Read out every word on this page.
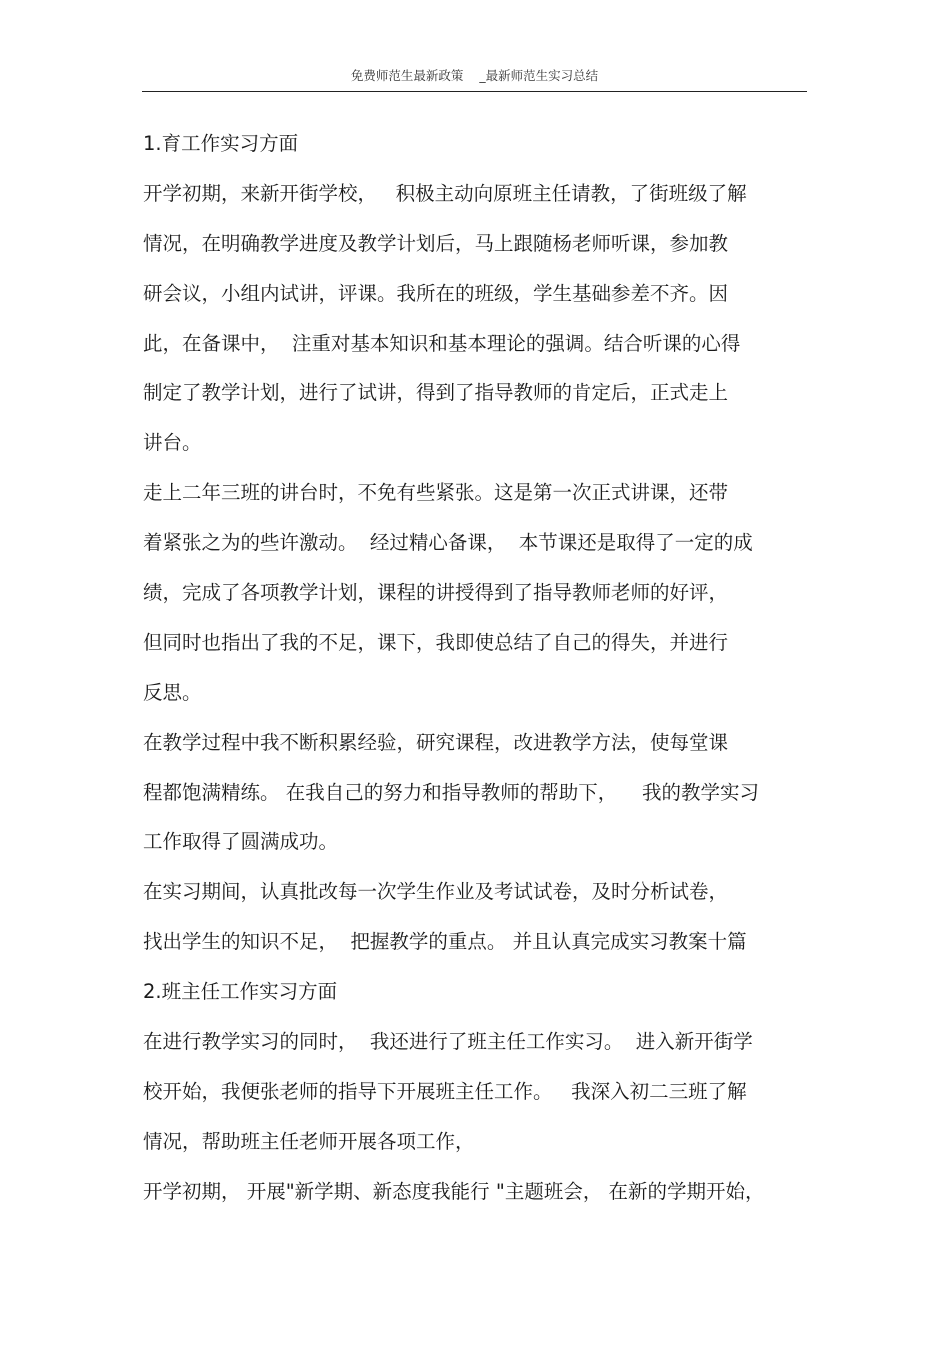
免费师范生最新政策    _最新师范生实习总结
1.育工作实习方面
开学初期，来新开街学校，   积极主动向原班主任请教，了街班级了解
情况，在明确教学进度及教学计划后，马上跟随杨老师听课，参加教
研会议，小组内试讲，评课。我所在的班级，学生基础参差不齐。因
此，在备课中，  注重对基本知识和基本理论的强调。结合听课的心得
制定了教学计划，进行了试讲，得到了指导教师的肯定后，正式走上
讲台。
走上二年三班的讲台时，不免有些紧张。这是第一次正式讲课，还带
着紧张之为的些许激动。  经过精心备课，  本节课还是取得了一定的成
绩，完成了各项教学计划，课程的讲授得到了指导教师老师的好评，
但同时也指出了我的不足，课下，我即使总结了自己的得失，并进行
反思。
在教学过程中我不断积累经验，研究课程，改进教学方法，使每堂课
程都饱满精练。 在我自己的努力和指导教师的帮助下，    我的教学实习
工作取得了圆满成功。
在实习期间，认真批改每一次学生作业及考试试卷，及时分析试卷，
找出学生的知识不足，  把握教学的重点。 并且认真完成实习教案十篇
2.班主任工作实习方面
在进行教学实习的同时，  我还进行了班主任工作实习。  进入新开街学
校开始，我便张老师的指导下开展班主任工作。   我深入初二三班了解
情况，帮助班主任老师开展各项工作，
开学初期， 开展"新学期、新态度我能行 "主题班会， 在新的学期开始，
